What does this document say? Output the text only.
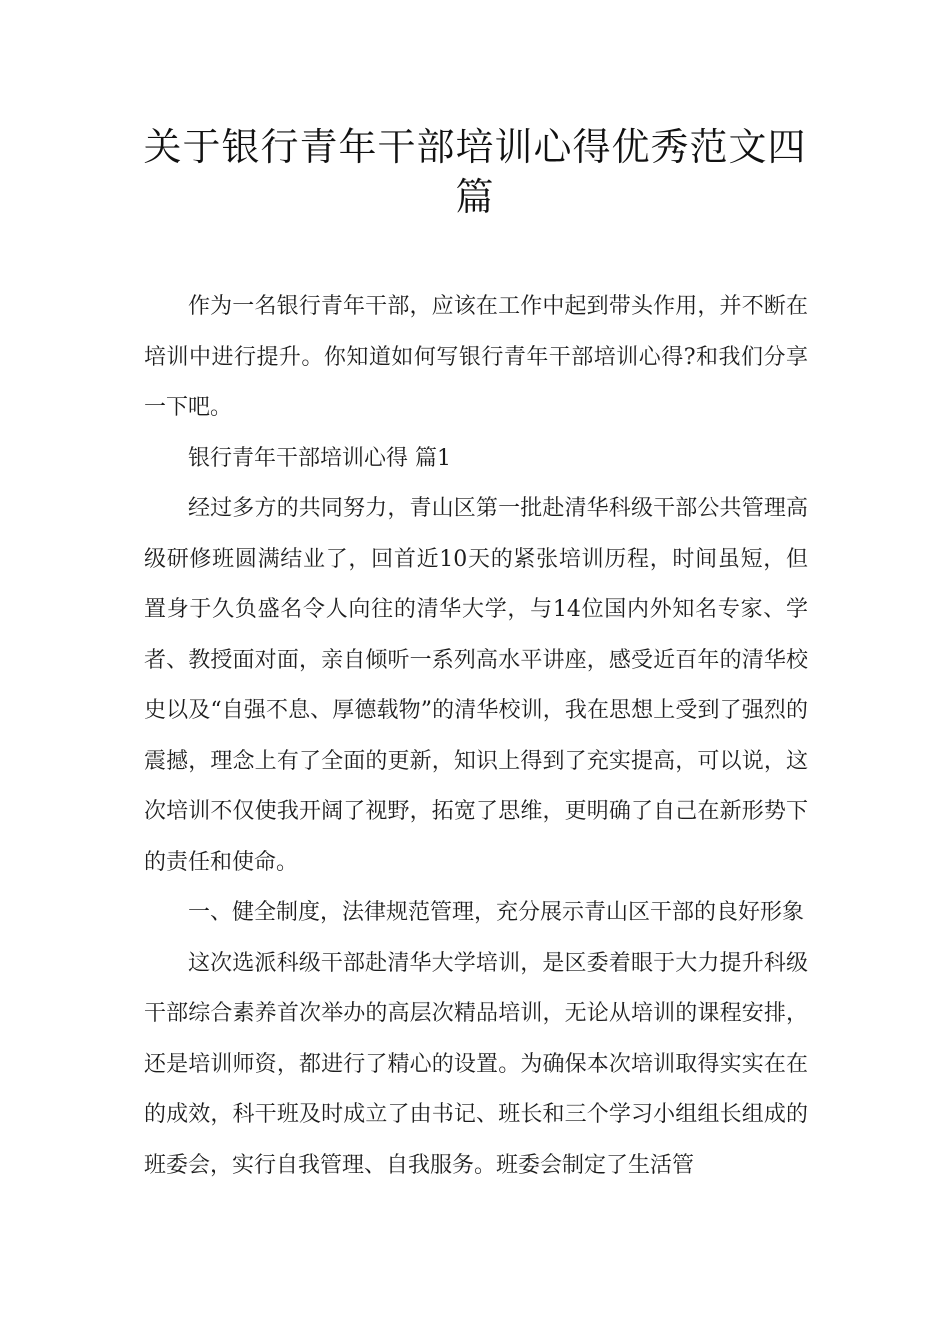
关于银行青年干部培训心得优秀范文四篇

作为一名银行青年干部，应该在工作中起到带头作用，并不断在培训中进行提升。你知道如何写银行青年干部培训心得?和我们分享一下吧。

银行青年干部培训心得 篇1

经过多方的共同努力，青山区第一批赴清华科级干部公共管理高级研修班圆满结业了，回首近10天的紧张培训历程，时间虽短，但置身于久负盛名令人向往的清华大学，与14位国内外知名专家、学者、教授面对面，亲自倾听一系列高水平讲座，感受近百年的清华校史以及“自强不息、厚德载物”的清华校训，我在思想上受到了强烈的震撼，理念上有了全面的更新，知识上得到了充实提高，可以说，这次培训不仅使我开阔了视野，拓宽了思维，更明确了自己在新形势下的责任和使命。

一、健全制度，法律规范管理，充分展示青山区干部的良好形象

这次选派科级干部赴清华大学培训，是区委着眼于大力提升科级干部综合素养首次举办的高层次精品培训，无论从培训的课程安排，还是培训师资，都进行了精心的设置。为确保本次培训取得实实在在的成效，科干班及时成立了由书记、班长和三个学习小组组长组成的班委会，实行自我管理、自我服务。班委会制定了生活管
